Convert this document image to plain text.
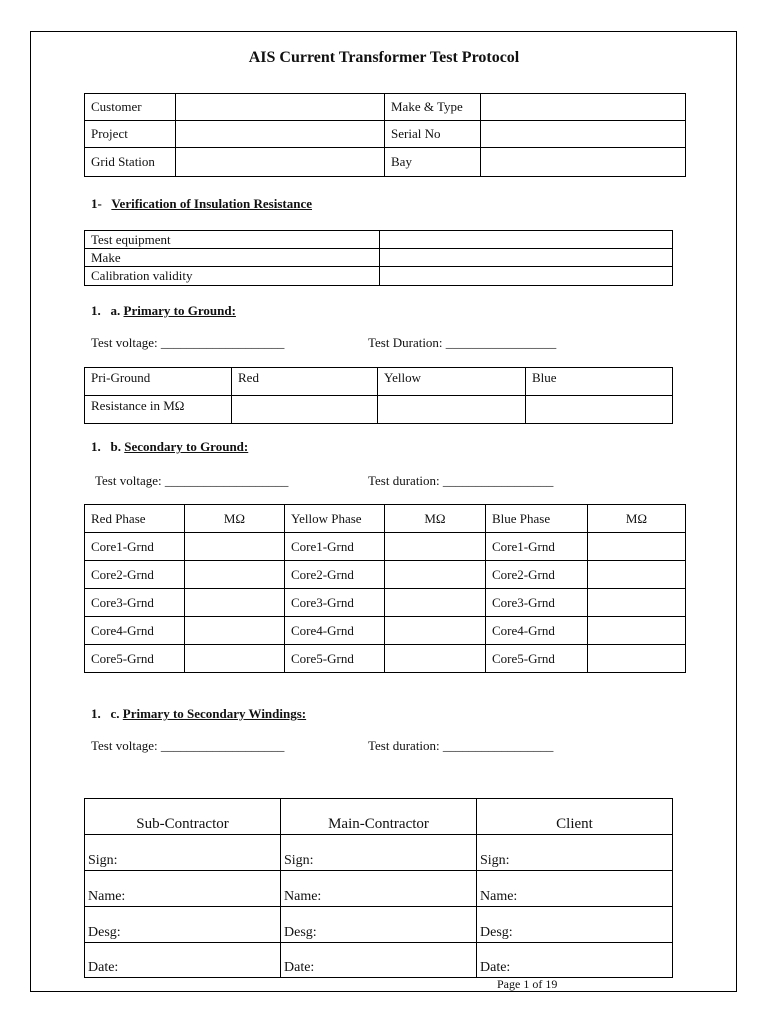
AIS Current Transformer Test Protocol
Customer		Make & Type	
Project		Serial No	
Grid Station		Bay	
1- Verification of Insulation Resistance
Test equipment	
Make	
Calibration validity	
1. a. Primary to Ground:
Test voltage: ___________________	Test Duration: _________________
Pri-Ground	Red	Yellow	Blue
Resistance in MΩ			
1. b. Secondary to Ground:
Test voltage: ___________________	Test duration: _________________
Red Phase	MΩ	Yellow Phase	MΩ	Blue Phase	MΩ
Core1-Grnd		Core1-Grnd		Core1-Grnd	
Core2-Grnd		Core2-Grnd		Core2-Grnd	
Core3-Grnd		Core3-Grnd		Core3-Grnd	
Core4-Grnd		Core4-Grnd		Core4-Grnd	
Core5-Grnd		Core5-Grnd		Core5-Grnd	
1. c. Primary to Secondary Windings:
Test voltage: ___________________	Test duration: _________________
Sub-Contractor	Main-Contractor	Client
Sign:	Sign:	Sign:
Name:	Name:	Name:
Desg:	Desg:	Desg:
Date:	Date:	Date:
Page 1 of 19
